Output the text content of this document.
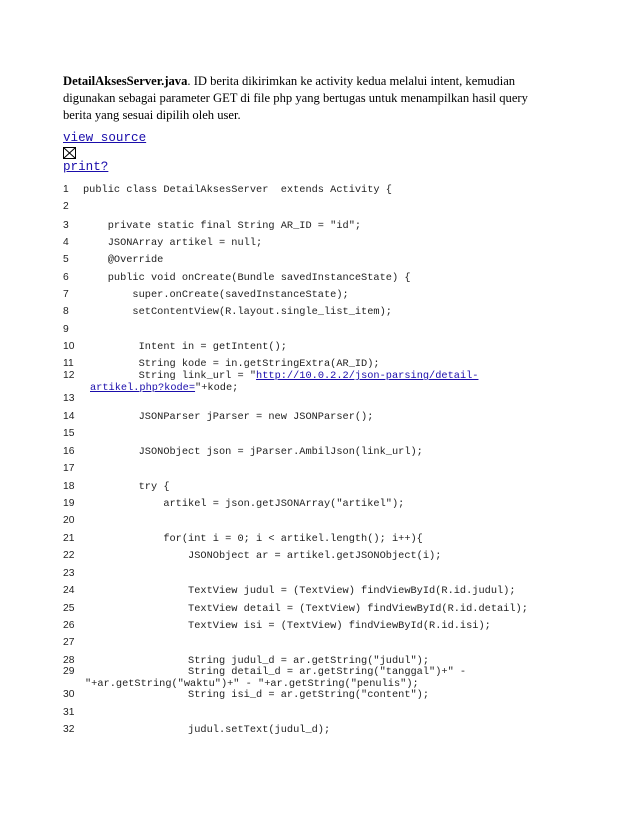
DetailAksesServer.java. ID berita dikirimkan ke activity kedua melalui intent, kemudian digunakan sebagai parameter GET di file php yang bertugas untuk menampilkan hasil query berita yang sesuai dipilih oleh user.
view source
print?
1 public class DetailAksesServer  extends Activity {
2
3    private static final String AR_ID = "id";
4    JSONArray artikel = null;
5    @Override
6    public void onCreate(Bundle savedInstanceState) {
7        super.onCreate(savedInstanceState);
8        setContentView(R.layout.single_list_item);
9
10         Intent in = getIntent();
11         String kode = in.getStringExtra(AR_ID);
12         String link_url = "http://10.0.2.2/json-parsing/detail-
artikel.php?kode="+kode;
13
14         JSONParser jParser = new JSONParser();
15
16         JSONObject json = jParser.AmbilJson(link_url);
17
18         try {
19             artikel = json.getJSONArray("artikel");
20
21             for(int i = 0; i < artikel.length(); i++){
22                 JSONObject ar = artikel.getJSONObject(i);
23
24                 TextView judul = (TextView) findViewById(R.id.judul);
25                 TextView detail = (TextView) findViewById(R.id.detail);
26                 TextView isi = (TextView) findViewById(R.id.isi);
27
28                 String judul_d = ar.getString("judul");
29                 String detail_d = ar.getString("tanggal")+" -
"+ar.getString("waktu")+" - "+ar.getString("penulis");
30                 String isi_d = ar.getString("content");
31
32                 judul.setText(judul_d);
